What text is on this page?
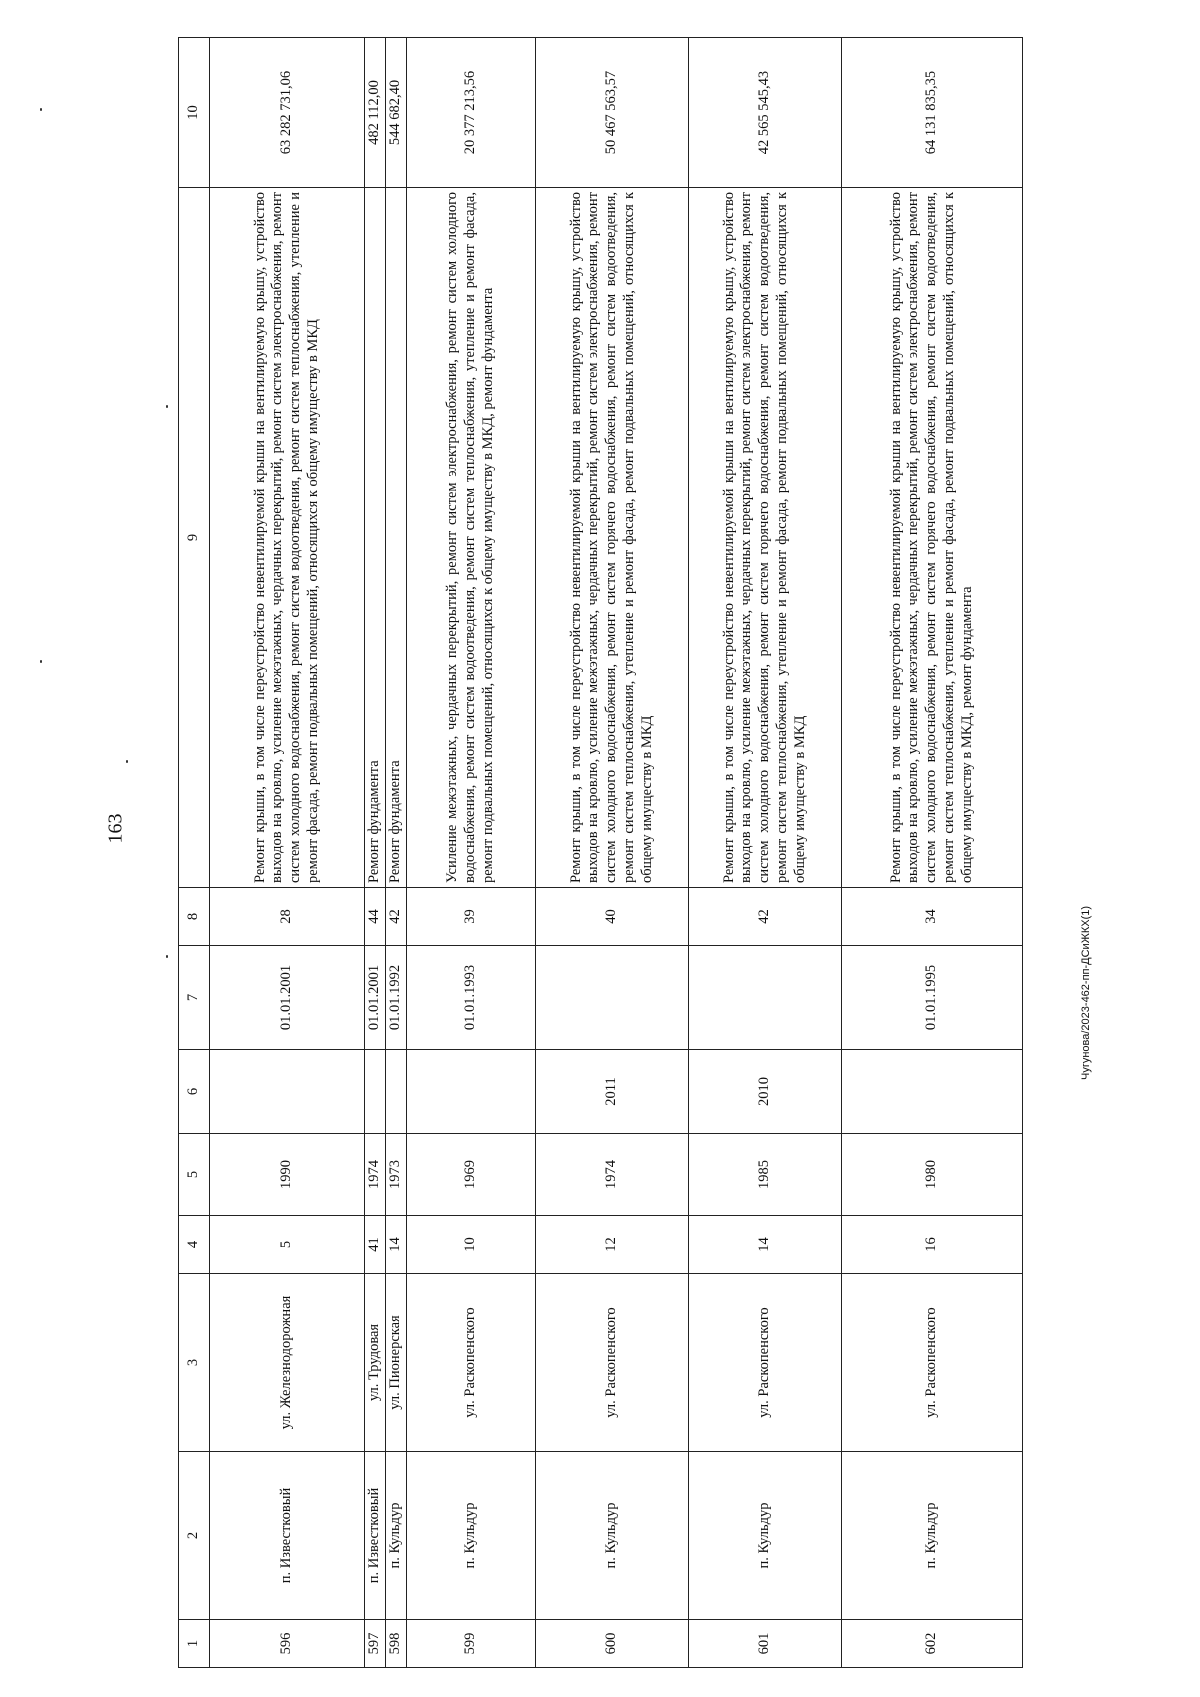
163
Чугунова/2023-462-пп-ДСиЖКХ(1)
1	2	3	4	5	6	7	8	9	10
596	п. Известковый	ул. Железнодорожная	5	1990		01.01.2001	28	Ремонт крыши, в том числе переустройство невентилируемой крыши на вентилируемую крышу, устройство выходов на кровлю, усиление межэтажных, чердачных перекрытий, ремонт систем электроснабжения, ремонт систем холодного водоснабжения, ремонт систем водоотведения, ремонт систем теплоснабжения, утепление и ремонт фасада, ремонт подвальных помещений, относящихся к общему имуществу в МКД	63 282 731,06
597	п. Известковый	ул. Трудовая	41	1974		01.01.2001	44	Ремонт фундамента	482 112,00
598	п. Кульдур	ул. Пионерская	14	1973		01.01.1992	42	Ремонт фундамента	544 682,40
599	п. Кульдур	ул. Раскопенского	10	1969		01.01.1993	39	Усиление межэтажных, чердачных перекрытий, ремонт систем электроснабжения, ремонт систем холодного водоснабжения, ремонт систем водоотведения, ремонт систем теплоснабжения, утепление и ремонт фасада, ремонт подвальных помещений, относящихся к общему имуществу в МКД, ремонт фундамента	20 377 213,56
600	п. Кульдур	ул. Раскопенского	12	1974	2011		40	Ремонт крыши, в том числе переустройство невентилируемой крыши на вентилируемую крышу, устройство выходов на кровлю, усиление межэтажных, чердачных перекрытий, ремонт систем электроснабжения, ремонт систем холодного водоснабжения, ремонт систем горячего водоснабжения, ремонт систем водоотведения, ремонт систем теплоснабжения, утепление и ремонт фасада, ремонт подвальных помещений, относящихся к общему имуществу в МКД	50 467 563,57
601	п. Кульдур	ул. Раскопенского	14	1985	2010		42	Ремонт крыши, в том числе переустройство невентилируемой крыши на вентилируемую крышу, устройство выходов на кровлю, усиление межэтажных, чердачных перекрытий, ремонт систем электроснабжения, ремонт систем холодного водоснабжения, ремонт систем горячего водоснабжения, ремонт систем водоотведения, ремонт систем теплоснабжения, утепление и ремонт фасада, ремонт подвальных помещений, относящихся к общему имуществу в МКД	42 565 545,43
602	п. Кульдур	ул. Раскопенского	16	1980		01.01.1995	34	Ремонт крыши, в том числе переустройство невентилируемой крыши на вентилируемую крышу, устройство выходов на кровлю, усиление межэтажных, чердачных перекрытий, ремонт систем электроснабжения, ремонт систем холодного водоснабжения, ремонт систем горячего водоснабжения, ремонт систем водоотведения, ремонт систем теплоснабжения, утепление и ремонт фасада, ремонт подвальных помещений, относящихся к общему имуществу в МКД, ремонт фундамента	64 131 835,35
